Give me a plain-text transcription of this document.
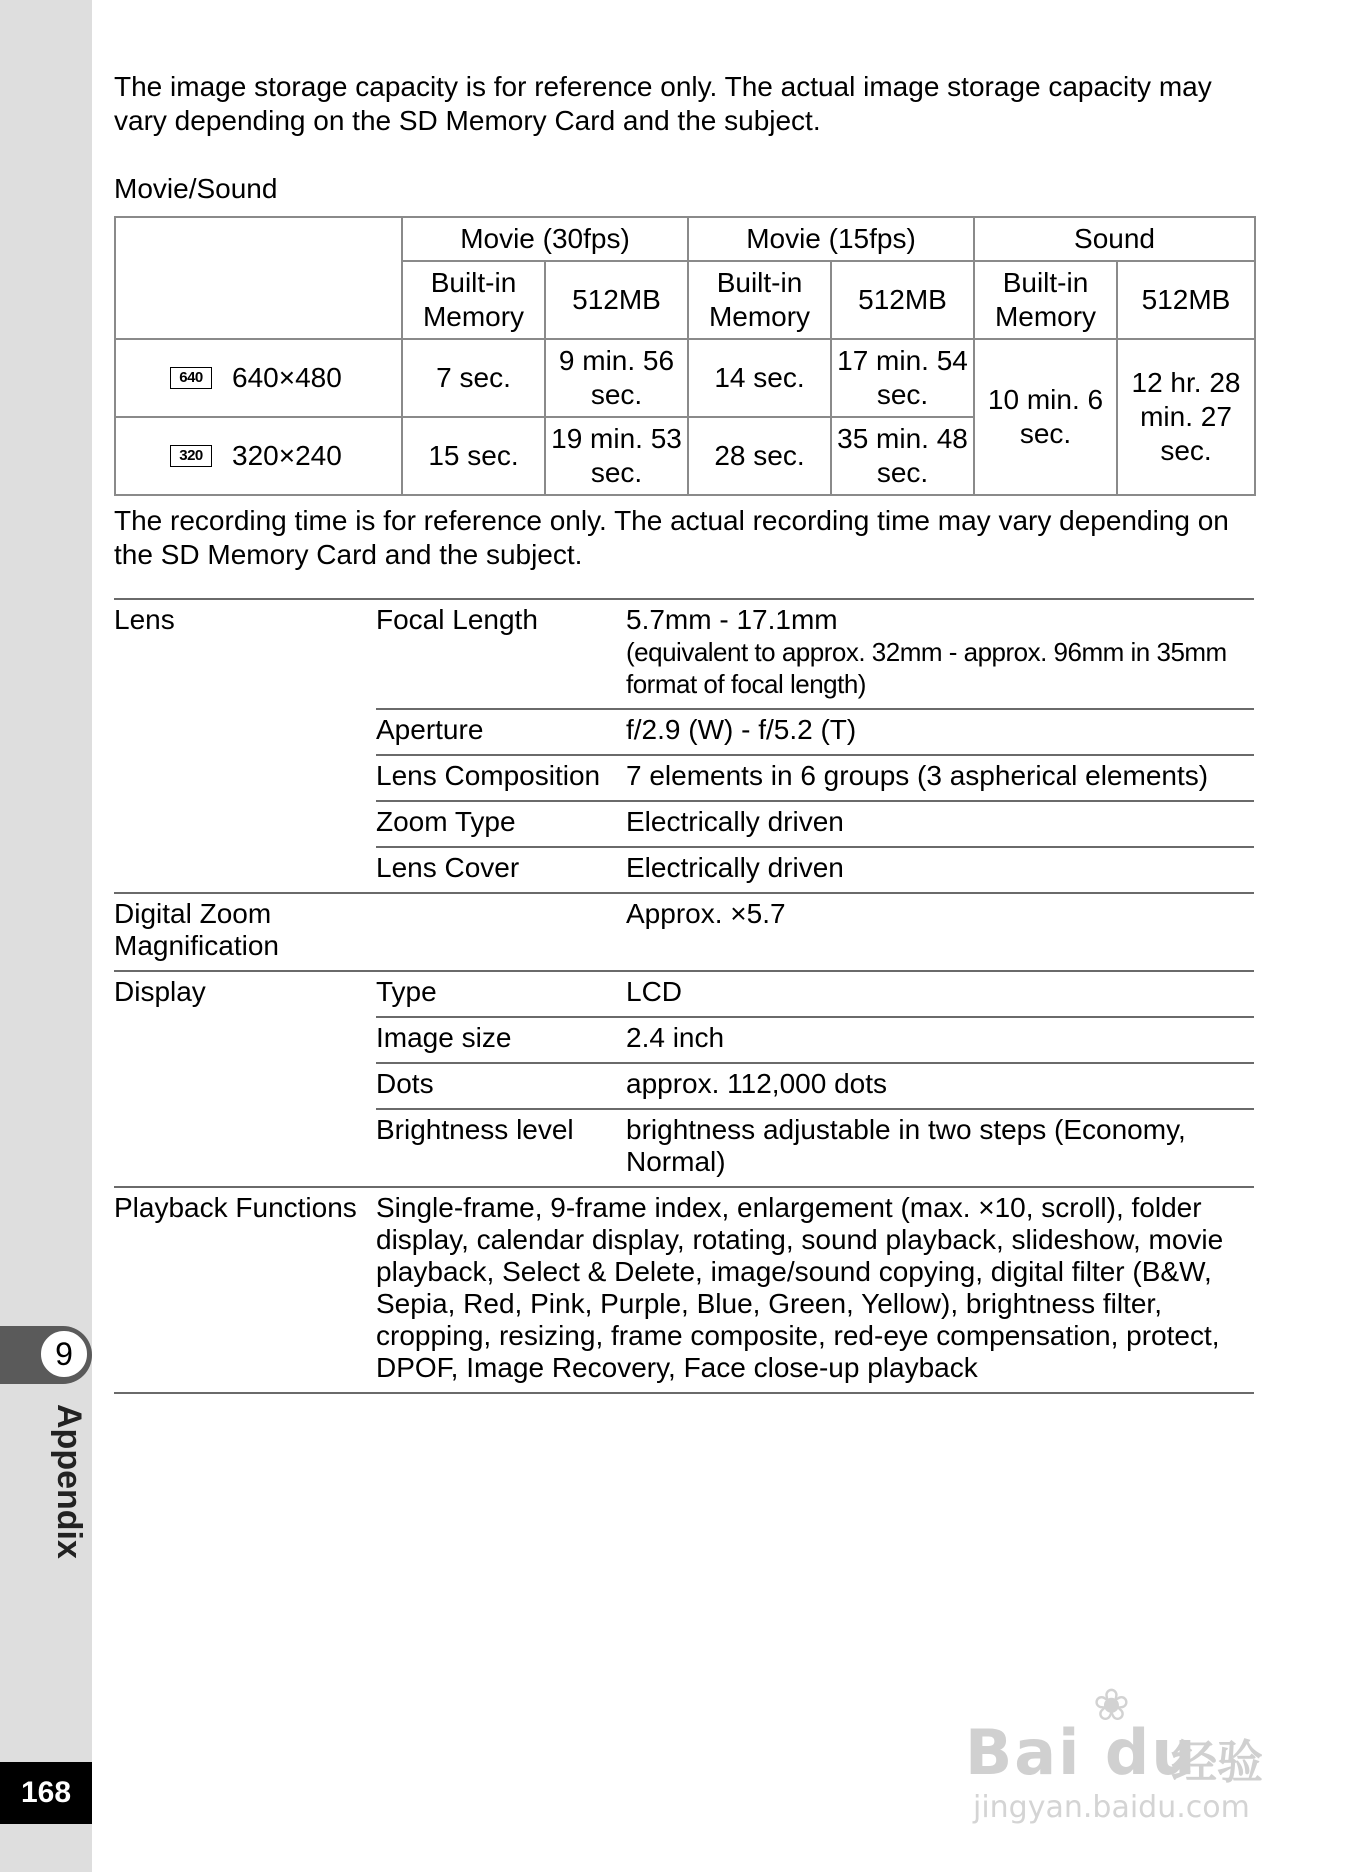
9
Appendix
168

The image storage capacity is for reference only. The actual image storage capacity may vary depending on the SD Memory Card and the subject.

Movie/Sound

	Movie (30fps)		Movie (15fps)		Sound	
	Built-in Memory	512MB	Built-in Memory	512MB	Built-in Memory	512MB

640 640×480	7 sec.	9 min. 56 sec.	14 sec.	17 min. 54 sec.	10 min. 6 sec.	12 hr. 28 min. 27 sec.

320 320×240	15 sec.	19 min. 53 sec.	28 sec.	35 min. 48 sec.		

The recording time is for reference only. The actual recording time may vary depending on the SD Memory Card and the subject.

Lens	Focal Length	5.7mm - 17.1mm
(equivalent to approx. 32mm - approx. 96mm in 35mm format of focal length)

	Aperture	f/2.9 (W) - f/5.2 (T)
	Lens Composition	7 elements in 6 groups (3 aspherical elements)
	Zoom Type	Electrically driven
	Lens Cover	Electrically driven
Digital Zoom Magnification		Approx. ×5.7
Display	Type	LCD
	Image size	2.4 inch
	Dots	approx. 112,000 dots
	Brightness level	brightness adjustable in two steps (Economy, Normal)
Playback Functions	Single-frame, 9-frame index, enlargement (max. ×10, scroll), folder display, calendar display, rotating, sound playback, slideshow, movie playback, Select & Delete, image/sound copying, digital filter (B&W, Sepia, Red, Pink, Purple, Blue, Green, Yellow), brightness filter, cropping, resizing, frame composite, red-eye compensation, protect, DPOF, Image Recovery, Face close-up playback	
❀
Bai du
经验
jingyan.baidu.com
